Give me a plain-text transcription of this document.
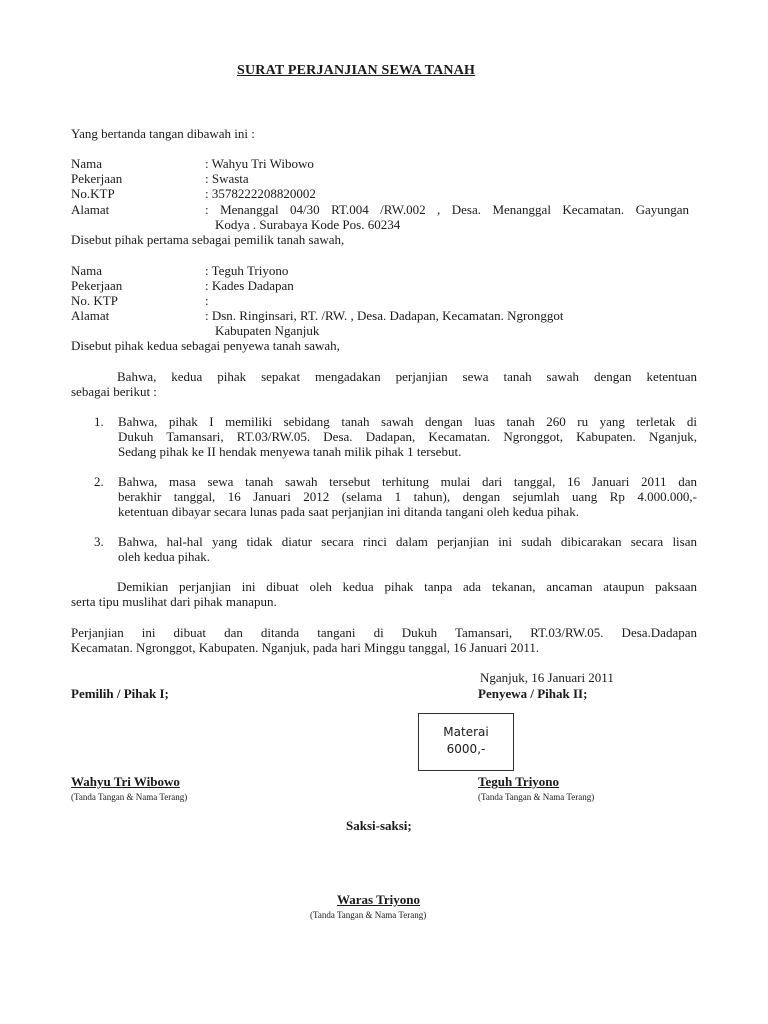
SURAT PERJANJIAN SEWA TANAH
Yang bertanda tangan dibawah ini :
Nama	: Wahyu Tri Wibowo
Pekerjaan	: Swasta
No.KTP	: 3578222208820002
Alamat	: Menanggal 04/30 RT.004 /RW.002 , Desa. Menanggal Kecamatan. Gayungan
Kodya . Surabaya Kode Pos. 60234
Disebut pihak pertama sebagai pemilik tanah sawah,
Nama	: Teguh Triyono
Pekerjaan	: Kades Dadapan
No. KTP	:
Alamat	: Dsn. Ringinsari, RT. /RW. , Desa. Dadapan, Kecamatan. Ngronggot
Kabupaten Nganjuk
Disebut pihak kedua sebagai penyewa tanah sawah,
Bahwa, kedua pihak sepakat mengadakan perjanjian sewa tanah sawah dengan ketentuan
sebagai berikut :
1. Bahwa, pihak I memiliki sebidang tanah sawah dengan luas tanah 260 ru yang terletak di
Dukuh Tamansari, RT.03/RW.05. Desa. Dadapan, Kecamatan. Ngronggot, Kabupaten. Nganjuk,
Sedang pihak ke II hendak menyewa tanah milik pihak 1 tersebut.
2. Bahwa, masa sewa tanah sawah tersebut terhitung mulai dari tanggal, 16 Januari 2011 dan
berakhir tanggal, 16 Januari 2012 (selama 1 tahun), dengan sejumlah uang Rp 4.000.000,-
ketentuan dibayar secara lunas pada saat perjanjian ini ditanda tangani oleh kedua pihak.
3. Bahwa, hal-hal yang tidak diatur secara rinci dalam perjanjian ini sudah dibicarakan secara lisan
oleh kedua pihak.
Demikian perjanjian ini dibuat oleh kedua pihak tanpa ada tekanan, ancaman ataupun paksaan
serta tipu muslihat dari pihak manapun.
Perjanjian ini dibuat dan ditanda tangani di Dukuh Tamansari, RT.03/RW.05. Desa.Dadapan
Kecamatan. Ngronggot, Kabupaten. Nganjuk, pada hari Minggu tanggal, 16 Januari 2011.
Nganjuk, 16 Januari 2011
Pemilih / Pihak I;	Penyewa / Pihak II;
Materai
6000,-
Wahyu Tri Wibowo
(Tanda Tangan & Nama Terang)
Teguh Triyono
(Tanda Tangan & Nama Terang)
Saksi-saksi;
Waras Triyono
(Tanda Tangan & Nama Terang)
